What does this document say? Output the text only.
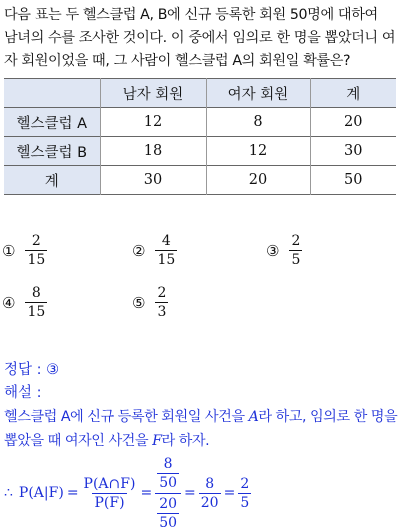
다음 표는 두 헬스클럽 A, B에 신규 등록한 회원 50명에 대하여
남녀의 수를 조사한 것이다. 이 중에서 임의로 한 명을 뽑았더니 여
자 회원이었을 때, 그 사람이 헬스클럽 A의 회원일 확률은?
	남자 회원	여자 회원	계
헬스클럽 A	12	8	20
헬스클럽 B	18	12	30
계	30	20	50
① $\frac{2}{15}$	② $\frac{4}{15}$	③ $\frac{2}{5}$
④ $\frac{8}{15}$	⑤ $\frac{2}{3}$
정답 : ③
해설 :
헬스클럽 A에 신규 등록한 회원일 사건을 A라 하고, 임의로 한 명을
뽑았을 때 여자인 사건을 F라 하자.
∴ $P(A|F) = \frac{P(A\cap F)}{P(F)} = \frac{\frac{8}{50}}{\frac{20}{50}} = \frac{8}{20} = \frac{2}{5}$
